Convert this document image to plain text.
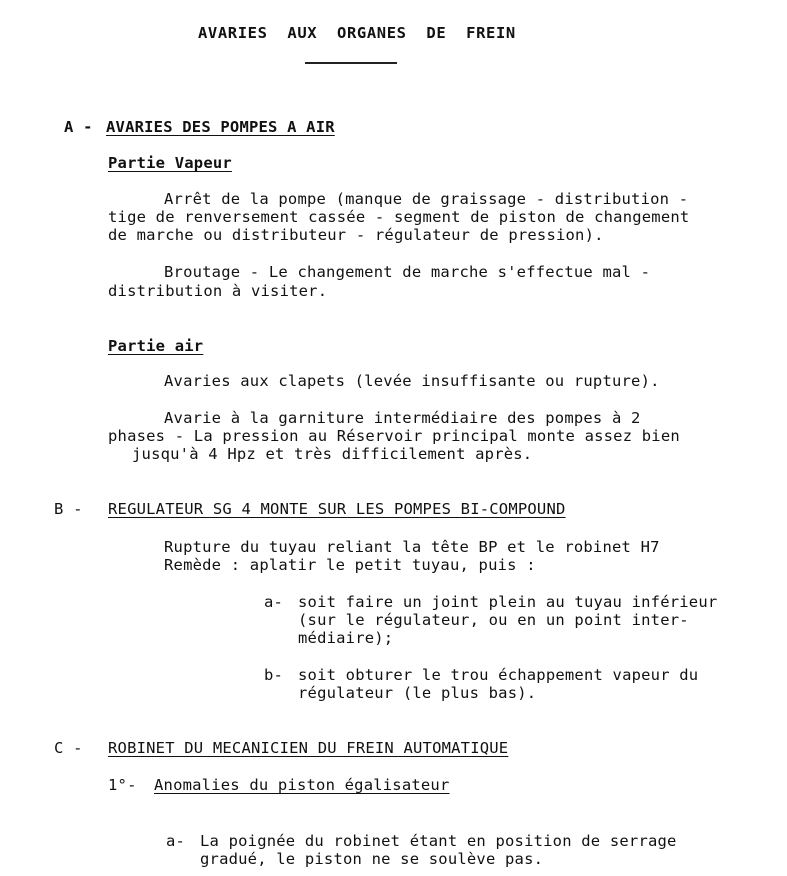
AVARIES  AUX  ORGANES  DE  FREIN
A - AVARIES DES POMPES A AIR
Partie Vapeur
Arrêt de la pompe (manque de graissage - distribution -
tige de renversement cassée - segment de piston de changement
de marche ou distributeur - régulateur de pression).
Broutage - Le changement de marche s'effectue mal -
distribution à visiter.
Partie air
Avaries aux clapets (levée insuffisante ou rupture).
Avarie à la garniture intermédiaire des pompes à 2
phases - La pression au Réservoir principal monte assez bien
jusqu'à 4 Hpz et très difficilement après.
B - REGULATEUR SG 4 MONTE SUR LES POMPES BI-COMPOUND
Rupture du tuyau reliant la tête BP et le robinet H7
Remède : aplatir le petit tuyau, puis :
a- soit faire un joint plein au tuyau inférieur
(sur le régulateur, ou en un point inter-
médiaire);
b- soit obturer le trou échappement vapeur du
régulateur (le plus bas).
C - ROBINET DU MECANICIEN DU FREIN AUTOMATIQUE
1°- Anomalies du piston égalisateur
a- La poignée du robinet étant en position de serrage
gradué, le piston ne se soulève pas.
